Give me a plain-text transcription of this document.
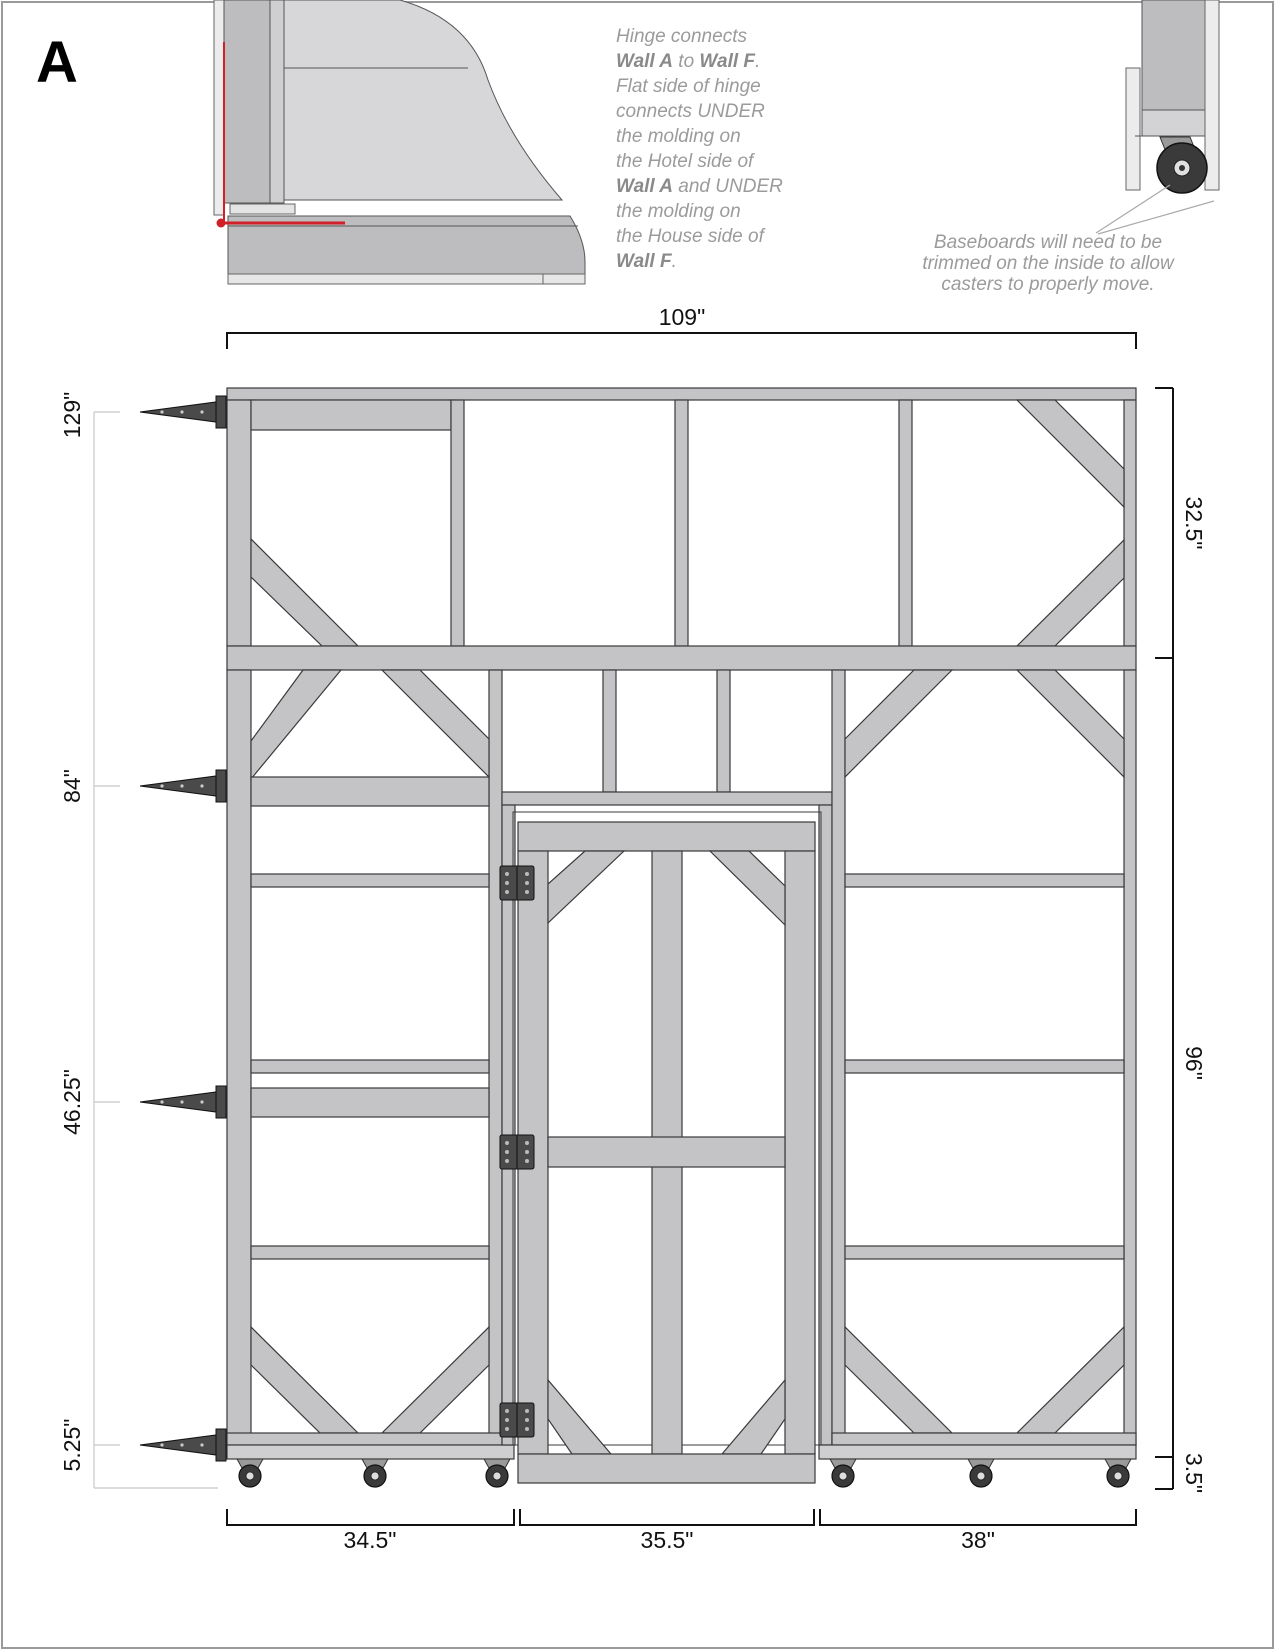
A
109"
32.5"
96"
3.5"
34.5"	35.5"	38"
129"
84"
46.25"
5.25"
Hinge connects
Wall A to Wall F.
Flat side of hinge
connects UNDER
the molding on
the Hotel side of
Wall A and UNDER
the molding on
the House side of
Wall F.
Baseboards will need to be
trimmed on the inside to allow
casters to properly move.
